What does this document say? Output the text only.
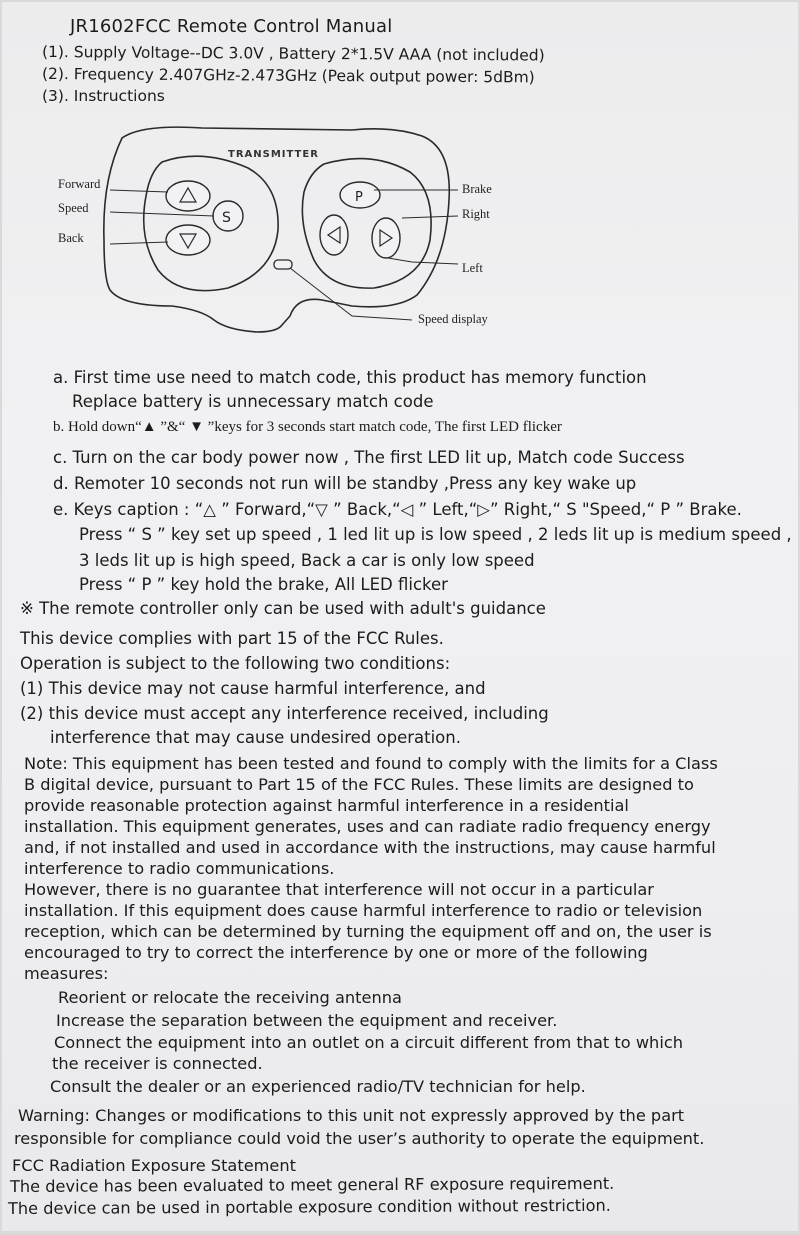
JR1602FCC Remote Control Manual
(1). Supply Voltage--DC 3.0V , Battery 2*1.5V AAA (not included)
(2). Frequency 2.407GHz-2.473GHz (Peak output power: 5dBm)
(3). Instructions
S
P
TRANSMITTER
Forward
Speed
Back
Brake
Right
Left
Speed display
a. First time use need to match code, this product has memory function
Replace battery is unnecessary match code
b. Hold down“▲ ”&“ ▼ ”keys for 3 seconds start match code, The first LED flicker
c. Turn on the car body power now , The first LED lit up, Match code Success
d. Remoter 10 seconds not run will be standby ,Press any key wake up
e. Keys caption : “△ ” Forward,“▽ ” Back,“◁ ” Left,“▷” Right,“ S "Speed,“ P ” Brake.
Press “ S ” key set up speed , 1 led lit up is low speed , 2 leds lit up is medium speed ,
3 leds lit up is high speed, Back a car is only low speed
Press “ P ” key hold the brake, All LED flicker
※ The remote controller only can be used with adult's guidance
This device complies with part 15 of the FCC Rules.
Operation is subject to the following two conditions:
(1) This device may not cause harmful interference, and
(2) this device must accept any interference received, including
interference that may cause undesired operation.
Note: This equipment has been tested and found to comply with the limits for a Class
B digital device, pursuant to Part 15 of the FCC Rules. These limits are designed to
provide reasonable protection against harmful interference in a residential
installation. This equipment generates, uses and can radiate radio frequency energy
and, if not installed and used in accordance with the instructions, may cause harmful
interference to radio communications.
However, there is no guarantee that interference will not occur in a particular
installation. If this equipment does cause harmful interference to radio or television
reception, which can be determined by turning the equipment off and on, the user is
encouraged to try to correct the interference by one or more of the following
measures:
Reorient or relocate the receiving antenna
Increase the separation between the equipment and receiver.
Connect the equipment into an outlet on a circuit different from that to which
the receiver is connected.
Consult the dealer or an experienced radio/TV technician for help.
Warning: Changes or modifications to this unit not expressly approved by the part
responsible for compliance could void the user’s authority to operate the equipment.
FCC Radiation Exposure Statement
The device has been evaluated to meet general RF exposure requirement.
The device can be used in portable exposure condition without restriction.
